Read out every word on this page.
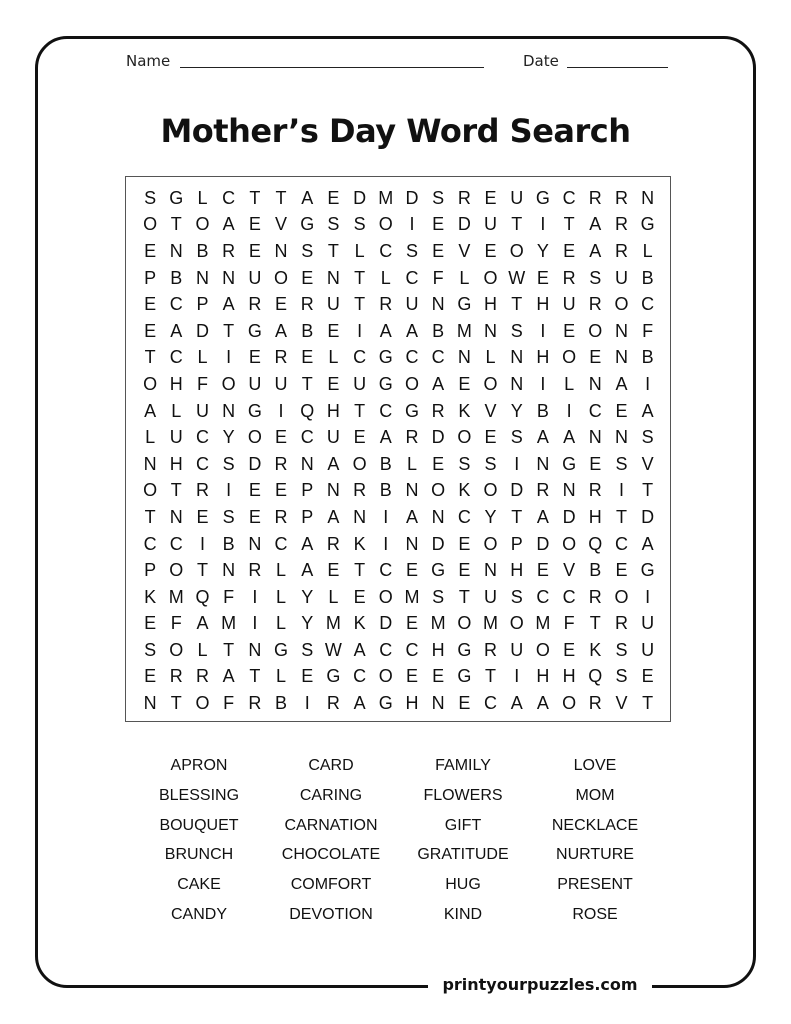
Name	Date
Mother’s Day Word Search
S G L C T T A E D M D S R E U G C R R N
O T O A E V G S S O I E D U T	I	T A R G
E N B R E N S T L C S E V E O Y E A R L
P B N N U O E N T L C F L O W E R S U B
E C P A R E R U T R U N G H T H U R O C
E A D T G A B E I A A B M N S I E O N F
T C L	I E R E L C G C C N L N H O E N B
O H F O U U T E U G O A E O N I	L N A I
A L U N G I Q H T C G R K V Y B I C E A
L U C Y O E C U E A R D O E S A A N N S
N H C S D R N A O B L E S S I N G E S V
O T R I E E P N R B N O K O D R N R I	T
T N E S E R P A N I A N C Y T A D H T D
C C I B N C A R K I N D E O P D O Q C A
P O T N R L A E T C E G E N H E V B E G
K M Q F	I	L Y L E O M S T U S C C R O I
E F A M I	L Y M K D E M O M O M F T R U
S O L T N G S W A C C H G R U O E K S U
E R R A T L E G C O E E G T	I H H Q S E
N T O F R B I R A G H N E C A A O R V T
APRON	CARD	FAMILY	LOVE
BLESSING	CARING	FLOWERS	MOM
BOUQUET	CARNATION	GIFT	NECKLACE
BRUNCH	CHOCOLATE	GRATITUDE	NURTURE
CAKE	COMFORT	HUG	PRESENT
CANDY	DEVOTION	KIND	ROSE
printyourpuzzles.com
